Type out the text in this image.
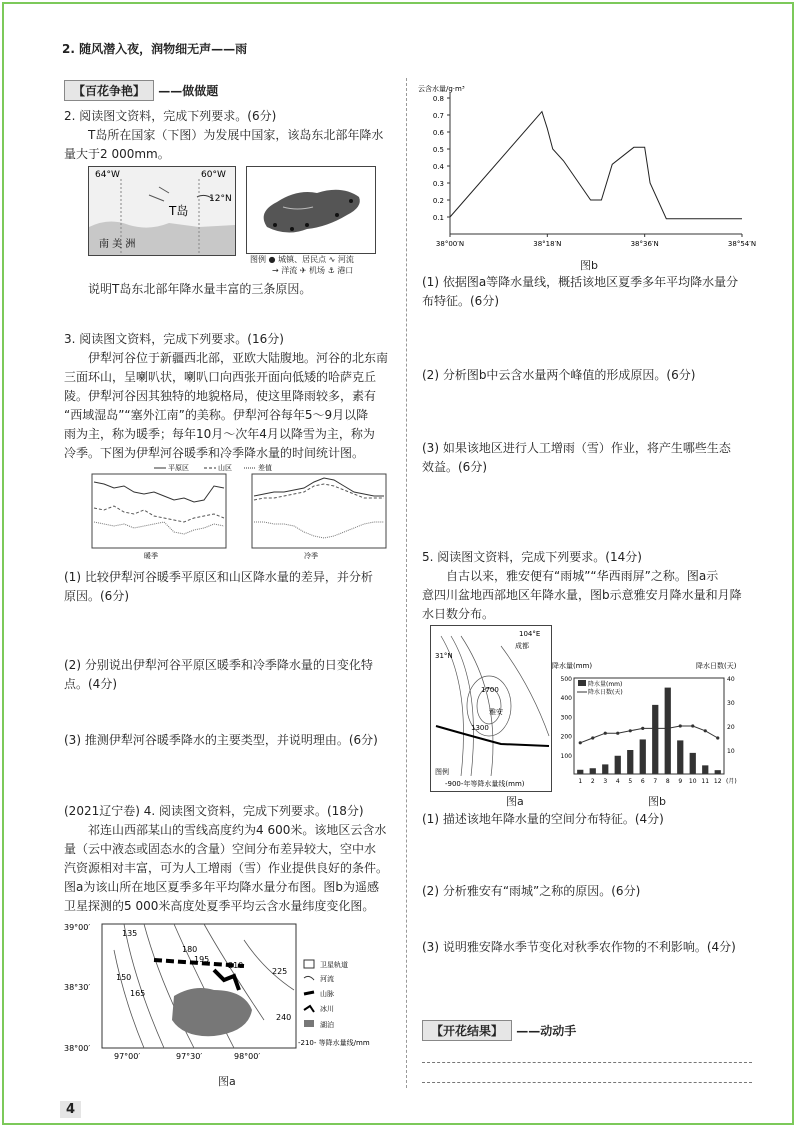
2. 随风潜入夜，润物细无声——雨
【百花争艳】 ——做做题
2. 阅读图文资料，完成下列要求。(6分)
T岛所在国家（下图）为发展中国家，该岛东北部年降水
量大于2 000mm。
64°W	60°W
12°N
T岛
南 美 洲
图例 ● 城镇、居民点 ∿ 河流
→ 洋流 ✈ 机场 ⚓ 港口
说明T岛东北部年降水量丰富的三条原因。
3. 阅读图文资料，完成下列要求。(16分)
伊犁河谷位于新疆西北部，亚欧大陆腹地。河谷的北东南
三面环山，呈喇叭状，喇叭口向西张开面向低矮的哈萨克丘
陵。伊犁河谷因其独特的地貌格局，使这里降雨较多，素有
“西域湿岛”“塞外江南”的美称。伊犁河谷每年5～9月以降
雨为主，称为暖季；每年10月～次年4月以降雪为主，称为
冷季。下图为伊犁河谷暖季和冷季降水量的时间统计图。
平原区	山区	差值
暖季	冷季
(1) 比较伊犁河谷暖季平原区和山区降水量的差异，并分析
原因。(6分)
(2) 分别说出伊犁河谷平原区暖季和冷季降水量的日变化特
点。(4分)
(3) 推测伊犁河谷暖季降水的主要类型，并说明理由。(6分)
(2021辽宁卷) 4. 阅读图文资料，完成下列要求。(18分)
祁连山西部某山的雪线高度约为4 600米。该地区云含水
量（云中液态或固态水的含量）空间分布差异较大，空中水
汽资源相对丰富，可为人工增雨（雪）作业提供良好的条件。
图a为该山所在地区夏季多年平均降水量分布图。图b为遥感
卫星探测的5 000米高度处夏季平均云含水量纬度变化图。
39°00′
38°30′
38°00′
97°00′	97°30′	98°00′
135
180
195
150
165
210
225
240
卫星轨道
河流
山脉
冰川
湖泊
-210- 等降水量线/mm
图a
云含水量/g·m³
0.1
0.2
0.3
0.4
0.5
0.6
0.7
0.8
38°00′N	38°18′N	38°36′N	38°54′N
图b
(1) 依据图a等降水量线，概括该地区夏季多年平均降水量分
布特征。(6分)
(2) 分析图b中云含水量两个峰值的形成原因。(6分)
(3) 如果该地区进行人工增雨（雪）作业，将产生哪些生态
效益。(6分)
5. 阅读图文资料，完成下列要求。(14分)
自古以来，雅安便有“雨城”“华西雨屏”之称。图a示
意四川盆地西部地区年降水量，图b示意雅安月降水量和月降
水日数分布。
104°E
31°N
成都
1700
1300
雅安
图例
-900-年等降水量线(mm)
降水量(mm)	降水日数(天)
100
200
300
400
500
10
20
30
40
1 2 3 4 5 6 7 8 9 10 11 12 (月)
降水量(mm)
降水日数(天)
图a	图b
(1) 描述该地年降水量的空间分布特征。(4分)
(2) 分析雅安有“雨城”之称的原因。(6分)
(3) 说明雅安降水季节变化对秋季农作物的不利影响。(4分)
【开花结果】 ——动动手
4
